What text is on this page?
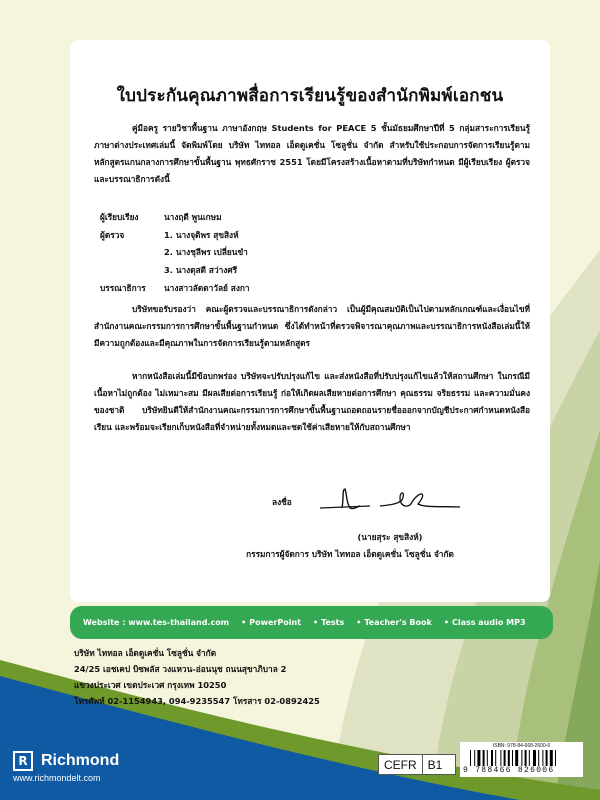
ใบประกันคุณภาพสื่อการเรียนรู้ของสำนักพิมพ์เอกชน
คู่มือครู รายวิชาพื้นฐาน ภาษาอังกฤษ Students for PEACE 5 ชั้นมัธยมศึกษาปีที่ 5 กลุ่มสาระการเรียนรู้ภาษาต่างประเทศเล่มนี้ จัดพิมพ์โดย บริษัท ไททอล เอ็ดดูเคชั่น โซลูชั่น จำกัด สำหรับใช้ประกอบการจัดการเรียนรู้ตามหลักสูตรแกนกลางการศึกษาขั้นพื้นฐาน พุทธศักราช 2551 โดยมีโครงสร้างเนื้อหาตามที่บริษัทกำหนด มีผู้เรียบเรียง ผู้ตรวจ และบรรณาธิการดังนี้
ผู้เรียบเรียง	นางฤดี พูนเกษม
ผู้ตรวจ	1. นางจุติพร สุขสิงห์
2. นางชุลีพร เปลี่ยนขำ
3. นางดุสดี สว่างศรี
บรรณาธิการ	นางสาวลัดดาวัลย์ สงกา
บริษัทขอรับรองว่า คณะผู้ตรวจและบรรณาธิการดังกล่าว เป็นผู้มีคุณสมบัติเป็นไปตามหลักเกณฑ์และเงื่อนไขที่สำนักงานคณะกรรมการการศึกษาขั้นพื้นฐานกำหนด ซึ่งได้ทำหน้าที่ตรวจพิจารณาคุณภาพและบรรณาธิการหนังสือเล่มนี้ให้มีความถูกต้องและมีคุณภาพในการจัดการเรียนรู้ตามหลักสูตร
หากหนังสือเล่มนี้มีข้อบกพร่อง บริษัทจะปรับปรุงแก้ไข และส่งหนังสือที่ปรับปรุงแก้ไขแล้วให้สถานศึกษา ในกรณีมีเนื้อหาไม่ถูกต้อง ไม่เหมาะสม มีผลเสียต่อการเรียนรู้ ก่อให้เกิดผลเสียหายต่อการศึกษา คุณธรรม จริยธรรม และความมั่นคงของชาติ บริษัทยินดีให้สำนักงานคณะกรรมการการศึกษาขั้นพื้นฐานถอดถอนรายชื่อออกจากบัญชีประกาศกำหนดหนังสือเรียน และพร้อมจะเรียกเก็บหนังสือที่จำหน่ายทั้งหมดและชดใช้ค่าเสียหายให้กับสถานศึกษา
ลงชื่อ
(นายสุระ สุขสิงห์)
กรรมการผู้จัดการ บริษัท ไททอล เอ็ดดูเคชั่น โซลูชั่น จำกัด
Website : www.tes-thailand.com	• PowerPoint	• Tests	• Teacher's Book	• Class audio MP3
บริษัท ไททอล เอ็ดดูเคชั่น โซลูชั่น จำกัด
24/25 เอชเคป บิซพลัส วงแหวน-อ่อนนุช ถนนสุขาภิบาล 2
แขวงประเวศ เขตประเวศ กรุงเทพ 10250
โทรศัพท์ 02-1154943, 094-9235547 โทรสาร 02-0892425
R Richmond
www.richmondelt.com
CEFR B1
ISBN: 978-84-668-2600-6
9 788466 826006
